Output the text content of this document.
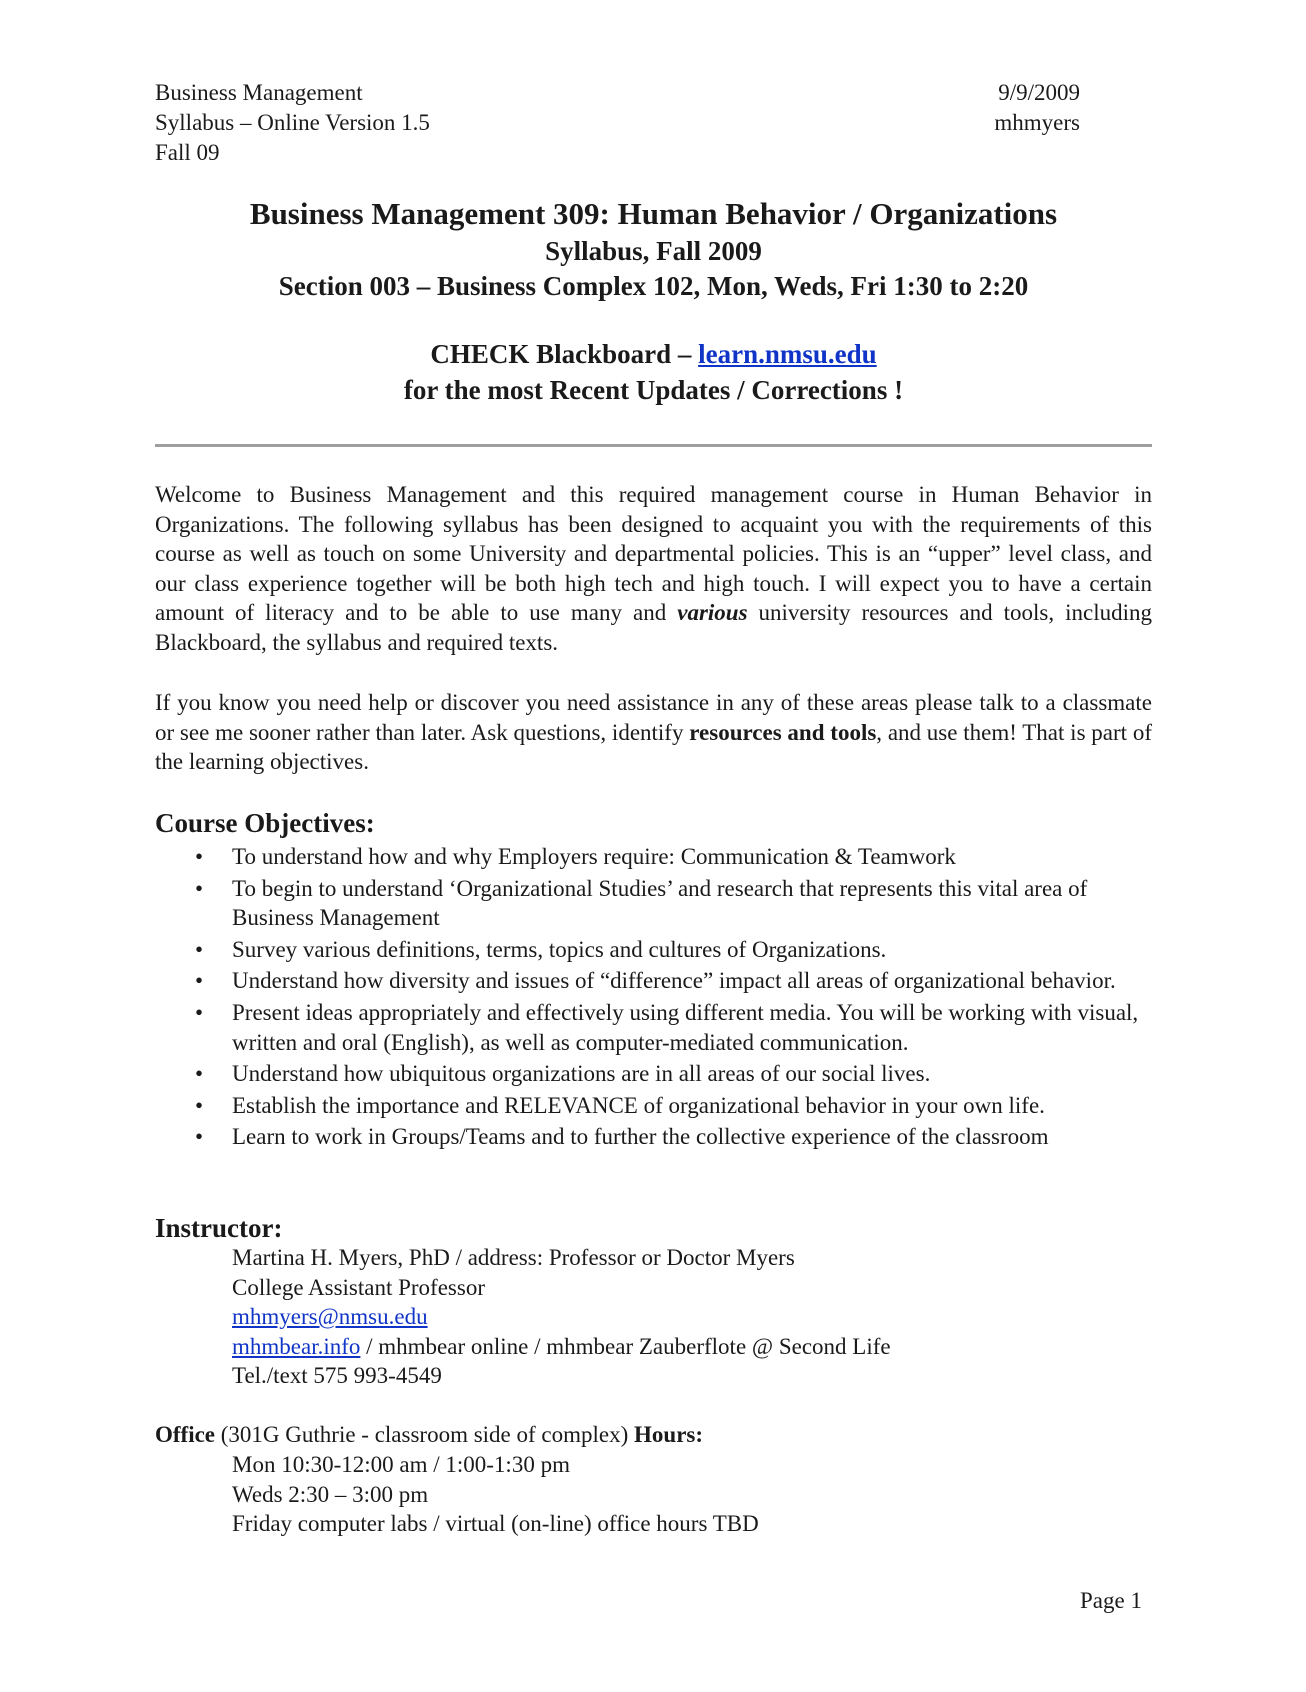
Business Management
Syllabus – Online Version 1.5
Fall 09
9/9/2009
mhmyers
Business Management 309: Human Behavior / Organizations
Syllabus, Fall 2009
Section 003 – Business Complex 102, Mon, Weds, Fri 1:30 to 2:20
CHECK Blackboard – learn.nmsu.edu
for the most Recent Updates / Corrections !
Welcome to Business Management and this required management course in Human Behavior in Organizations. The following syllabus has been designed to acquaint you with the requirements of this course as well as touch on some University and departmental policies. This is an “upper” level class, and our class experience together will be both high tech and high touch. I will expect you to have a certain amount of literacy and to be able to use many and various university resources and tools, including Blackboard, the syllabus and required texts.
If you know you need help or discover you need assistance in any of these areas please talk to a classmate or see me sooner rather than later. Ask questions, identify resources and tools, and use them! That is part of the learning objectives.
Course Objectives:
• To understand how and why Employers require: Communication & Teamwork
• To begin to understand ‘Organizational Studies’ and research that represents this vital area of Business Management
• Survey various definitions, terms, topics and cultures of Organizations.
• Understand how diversity and issues of “difference” impact all areas of organizational behavior.
• Present ideas appropriately and effectively using different media. You will be working with visual, written and oral (English), as well as computer-mediated communication.
• Understand how ubiquitous organizations are in all areas of our social lives.
• Establish the importance and RELEVANCE of organizational behavior in your own life.
• Learn to work in Groups/Teams and to further the collective experience of the classroom
Instructor:
Martina H. Myers, PhD / address: Professor or Doctor Myers
College Assistant Professor
mhmyers@nmsu.edu
mhmbear.info / mhmbear online / mhmbear Zauberflote @ Second Life
Tel./text 575 993-4549
Office (301G Guthrie - classroom side of complex) Hours:
Mon 10:30-12:00 am / 1:00-1:30 pm
Weds 2:30 – 3:00 pm
Friday computer labs / virtual (on-line) office hours TBD
Page 1
